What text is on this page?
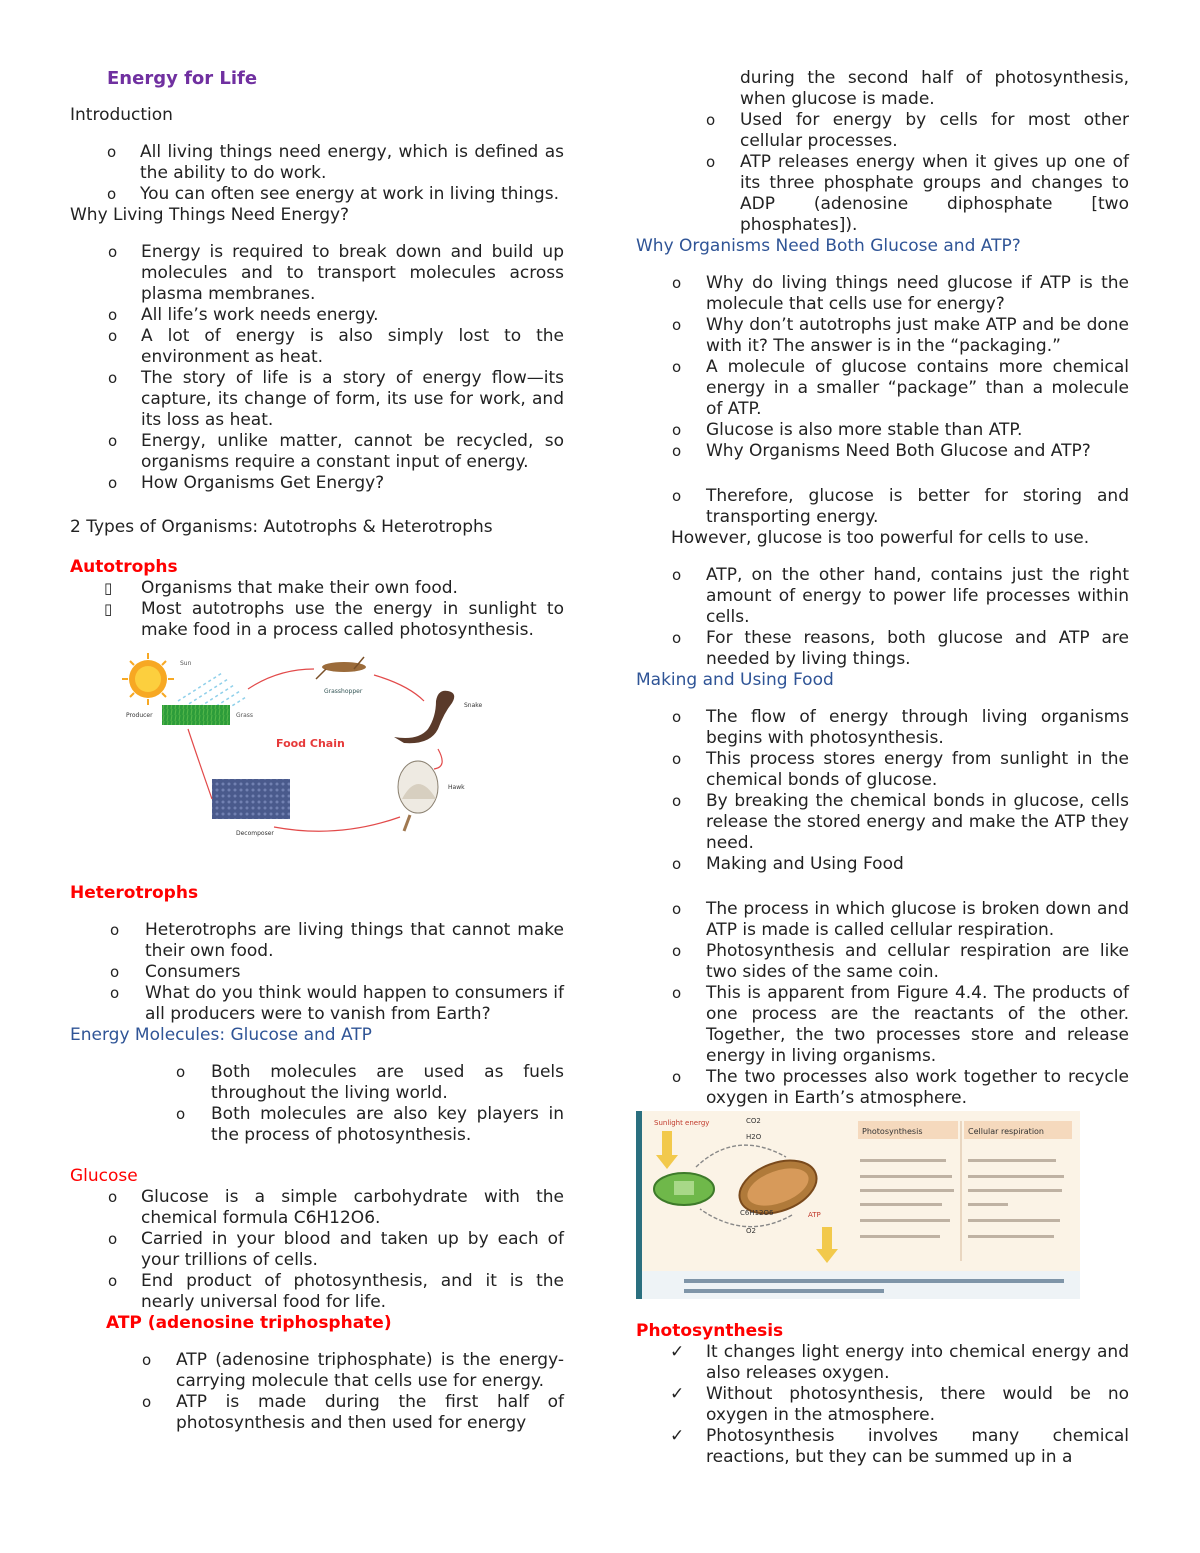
Energy for Life

Introduction

o All living things need energy, which is defined as the ability to do work.
o You can often see energy at work in living things.

Why Living Things Need Energy?

o Energy is required to break down and build up molecules and to transport molecules across plasma membranes.
o All life’s work needs energy.
o A lot of energy is also simply lost to the environment as heat.
o The story of life is a story of energy flow—its capture, its change of form, its use for work, and its loss as heat.
o Energy, unlike matter, cannot be recycled, so organisms require a constant input of energy.
o How Organisms Get Energy?

2 Types of Organisms: Autotrophs & Heterotrophs

Autotrophs

▯ Organisms that make their own food.
▯ Most autotrophs use the energy in sunlight to make food in a process called photosynthesis.
Sun
Producer	Grass
Grasshopper
Snake
Hawk
Decomposer
Food Chain

Heterotrophs

o Heterotrophs are living things that cannot make their own food.
o Consumers
o What do you think would happen to consumers if all producers were to vanish from Earth?

Energy Molecules: Glucose and ATP

o Both molecules are used as fuels throughout the living world.
o Both molecules are also key players in the process of photosynthesis.

Glucose

o Glucose is a simple carbohydrate with the chemical formula C6H12O6.
o Carried in your blood and taken up by each of your trillions of cells.
o End product of photosynthesis, and it is the nearly universal food for life.

ATP (adenosine triphosphate)

o ATP (adenosine triphosphate) is the energy-carrying molecule that cells use for energy.
o ATP is made during the first half of photosynthesis and then used for energy

during the second half of photosynthesis, when glucose is made.

o Used for energy by cells for most other cellular processes.
o ATP releases energy when it gives up one of its three phosphate groups and changes to ADP (adenosine diphosphate [two phosphates]).

Why Organisms Need Both Glucose and ATP?

o Why do living things need glucose if ATP is the molecule that cells use for energy?
o Why don’t autotrophs just make ATP and be done with it? The answer is in the “packaging.”
o A molecule of glucose contains more chemical energy in a smaller “package” than a molecule of ATP.
o Glucose is also more stable than ATP.
o Why Organisms Need Both Glucose and ATP?
o Therefore, glucose is better for storing and transporting energy.

However, glucose is too powerful for cells to use.

o ATP, on the other hand, contains just the right amount of energy to power life processes within cells.
o For these reasons, both glucose and ATP are needed by living things.

Making and Using Food

o The flow of energy through living organisms begins with photosynthesis.
o This process stores energy from sunlight in the chemical bonds of glucose.
o By breaking the chemical bonds in glucose, cells release the stored energy and make the ATP they need.
o Making and Using Food
o The process in which glucose is broken down and ATP is made is called cellular respiration.
o Photosynthesis and cellular respiration are like two sides of the same coin.
o This is apparent from Figure 4.4. The products of one process are the reactants of the other. Together, the two processes store and release energy in living organisms.
o The two processes also work together to recycle oxygen in Earth’s atmosphere.
Sunlight energy	CO2
H2O
C6H12O6
O2
ATP
Photosynthesis	Cellular respiration

Photosynthesis

✓ It changes light energy into chemical energy and also releases oxygen.
✓ Without photosynthesis, there would be no oxygen in the atmosphere.
✓ Photosynthesis involves many chemical reactions, but they can be summed up in a
